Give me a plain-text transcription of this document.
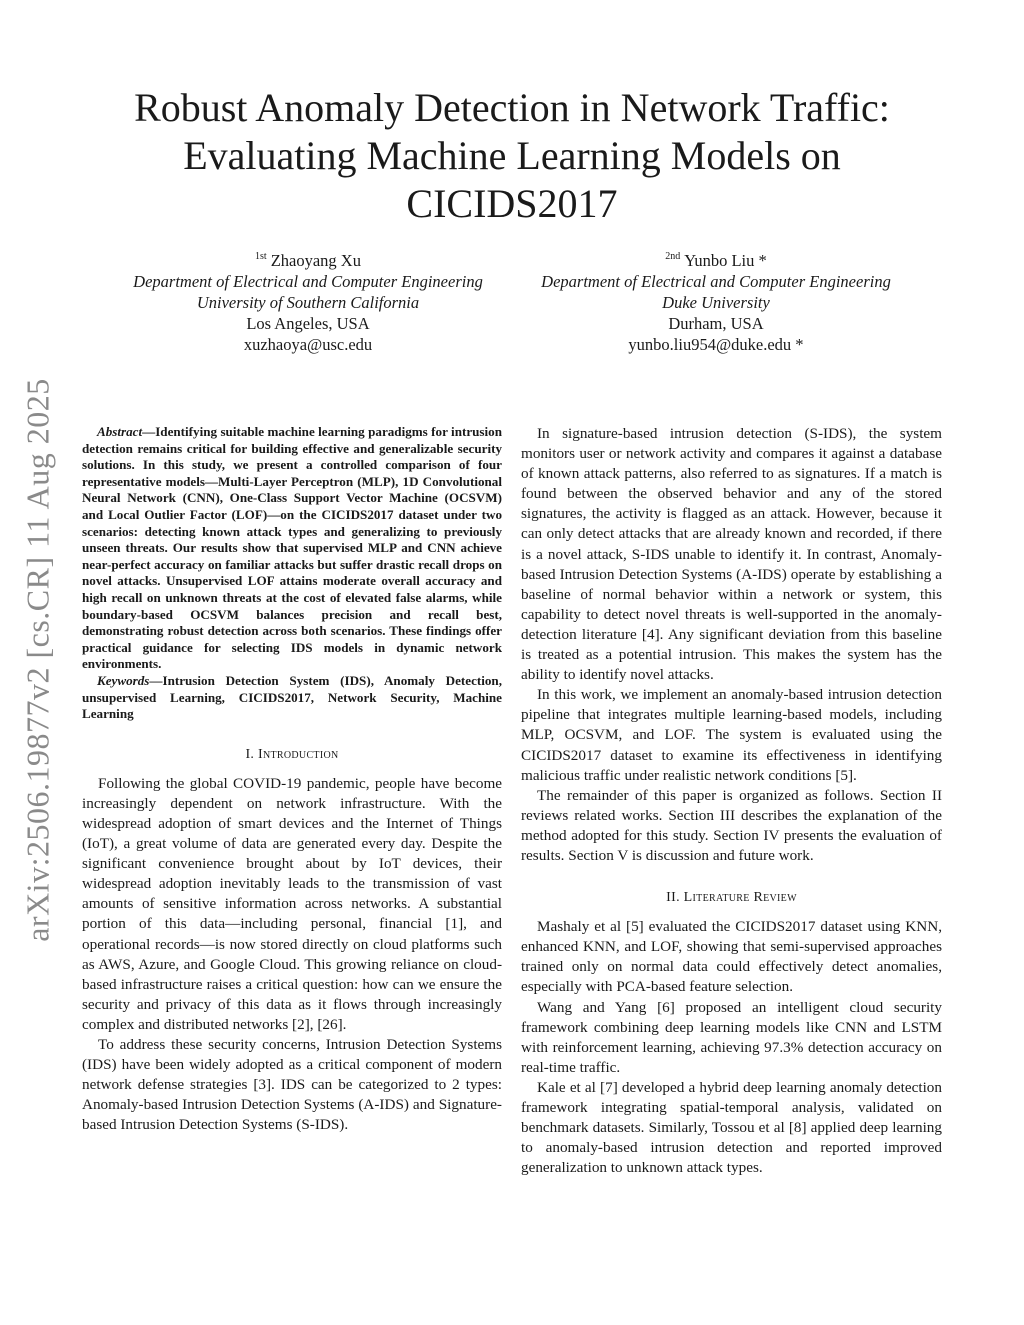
arXiv:2506.19877v2 [cs.CR] 11 Aug 2025
Robust Anomaly Detection in Network Traffic:
Evaluating Machine Learning Models on
CICIDS2017
$^{1st}$ Zhaoyang Xu
Department of Electrical and Computer Engineering
University of Southern California
Los Angeles, USA
xuzhaoya@usc.edu
$^{2nd}$ Yunbo Liu *
Department of Electrical and Computer Engineering
Duke University
Durham, USA
yunbo.liu954@duke.edu *

Abstract—Identifying suitable machine learning paradigms for intrusion detection remains critical for building effective and generalizable security solutions. In this study, we present a controlled comparison of four representative models—Multi-Layer Perceptron (MLP), 1D Convolutional Neural Network (CNN), One-Class Support Vector Machine (OCSVM) and Local Outlier Factor (LOF)—on the CICIDS2017 dataset under two scenarios: detecting known attack types and generalizing to previously unseen threats. Our results show that supervised MLP and CNN achieve near-perfect accuracy on familiar attacks but suffer drastic recall drops on novel attacks. Unsupervised LOF attains moderate overall accuracy and high recall on unknown threats at the cost of elevated false alarms, while boundary-based OCSVM balances precision and recall best, demonstrating robust detection across both scenarios. These findings offer practical guidance for selecting IDS models in dynamic network environments.

Keywords—Intrusion Detection System (IDS), Anomaly Detection, unsupervised Learning, CICIDS2017, Network Security, Machine Learning

I. Introduction

Following the global COVID-19 pandemic, people have become increasingly dependent on network infrastructure. With the widespread adoption of smart devices and the Internet of Things (IoT), a great volume of data are generated every day. Despite the significant convenience brought about by IoT devices, their widespread adoption inevitably leads to the transmission of vast amounts of sensitive information across networks. A substantial portion of this data—including personal, financial [1], and operational records—is now stored directly on cloud platforms such as AWS, Azure, and Google Cloud. This growing reliance on cloud-based infrastructure raises a critical question: how can we ensure the security and privacy of this data as it flows through increasingly complex and distributed networks [2], [26].

To address these security concerns, Intrusion Detection Systems (IDS) have been widely adopted as a critical component of modern network defense strategies [3]. IDS can be categorized to 2 types: Anomaly-based Intrusion Detection Systems (A-IDS) and Signature-based Intrusion Detection Systems (S-IDS).

In signature-based intrusion detection (S-IDS), the system monitors user or network activity and compares it against a database of known attack patterns, also referred to as signatures. If a match is found between the observed behavior and any of the stored signatures, the activity is flagged as an attack. However, because it can only detect attacks that are already known and recorded, if there is a novel attack, S-IDS unable to identify it. In contrast, Anomaly-based Intrusion Detection Systems (A-IDS) operate by establishing a baseline of normal behavior within a network or system, this capability to detect novel threats is well-supported in the anomaly-detection literature [4]. Any significant deviation from this baseline is treated as a potential intrusion. This makes the system has the ability to identify novel attacks.

In this work, we implement an anomaly-based intrusion detection pipeline that integrates multiple learning-based models, including MLP, OCSVM, and LOF. The system is evaluated using the CICIDS2017 dataset to examine its effectiveness in identifying malicious traffic under realistic network conditions [5].

The remainder of this paper is organized as follows. Section II reviews related works. Section III describes the explanation of the method adopted for this study. Section IV presents the evaluation of results. Section V is discussion and future work.

II. Literature Review

Mashaly et al [5] evaluated the CICIDS2017 dataset using KNN, enhanced KNN, and LOF, showing that semi-supervised approaches trained only on normal data could effectively detect anomalies, especially with PCA-based feature selection.

Wang and Yang [6] proposed an intelligent cloud security framework combining deep learning models like CNN and LSTM with reinforcement learning, achieving 97.3% detection accuracy on real-time traffic.

Kale et al [7] developed a hybrid deep learning anomaly detection framework integrating spatial-temporal analysis, validated on benchmark datasets. Similarly, Tossou et al [8] applied deep learning to anomaly-based intrusion detection and reported improved generalization to unknown attack types.
